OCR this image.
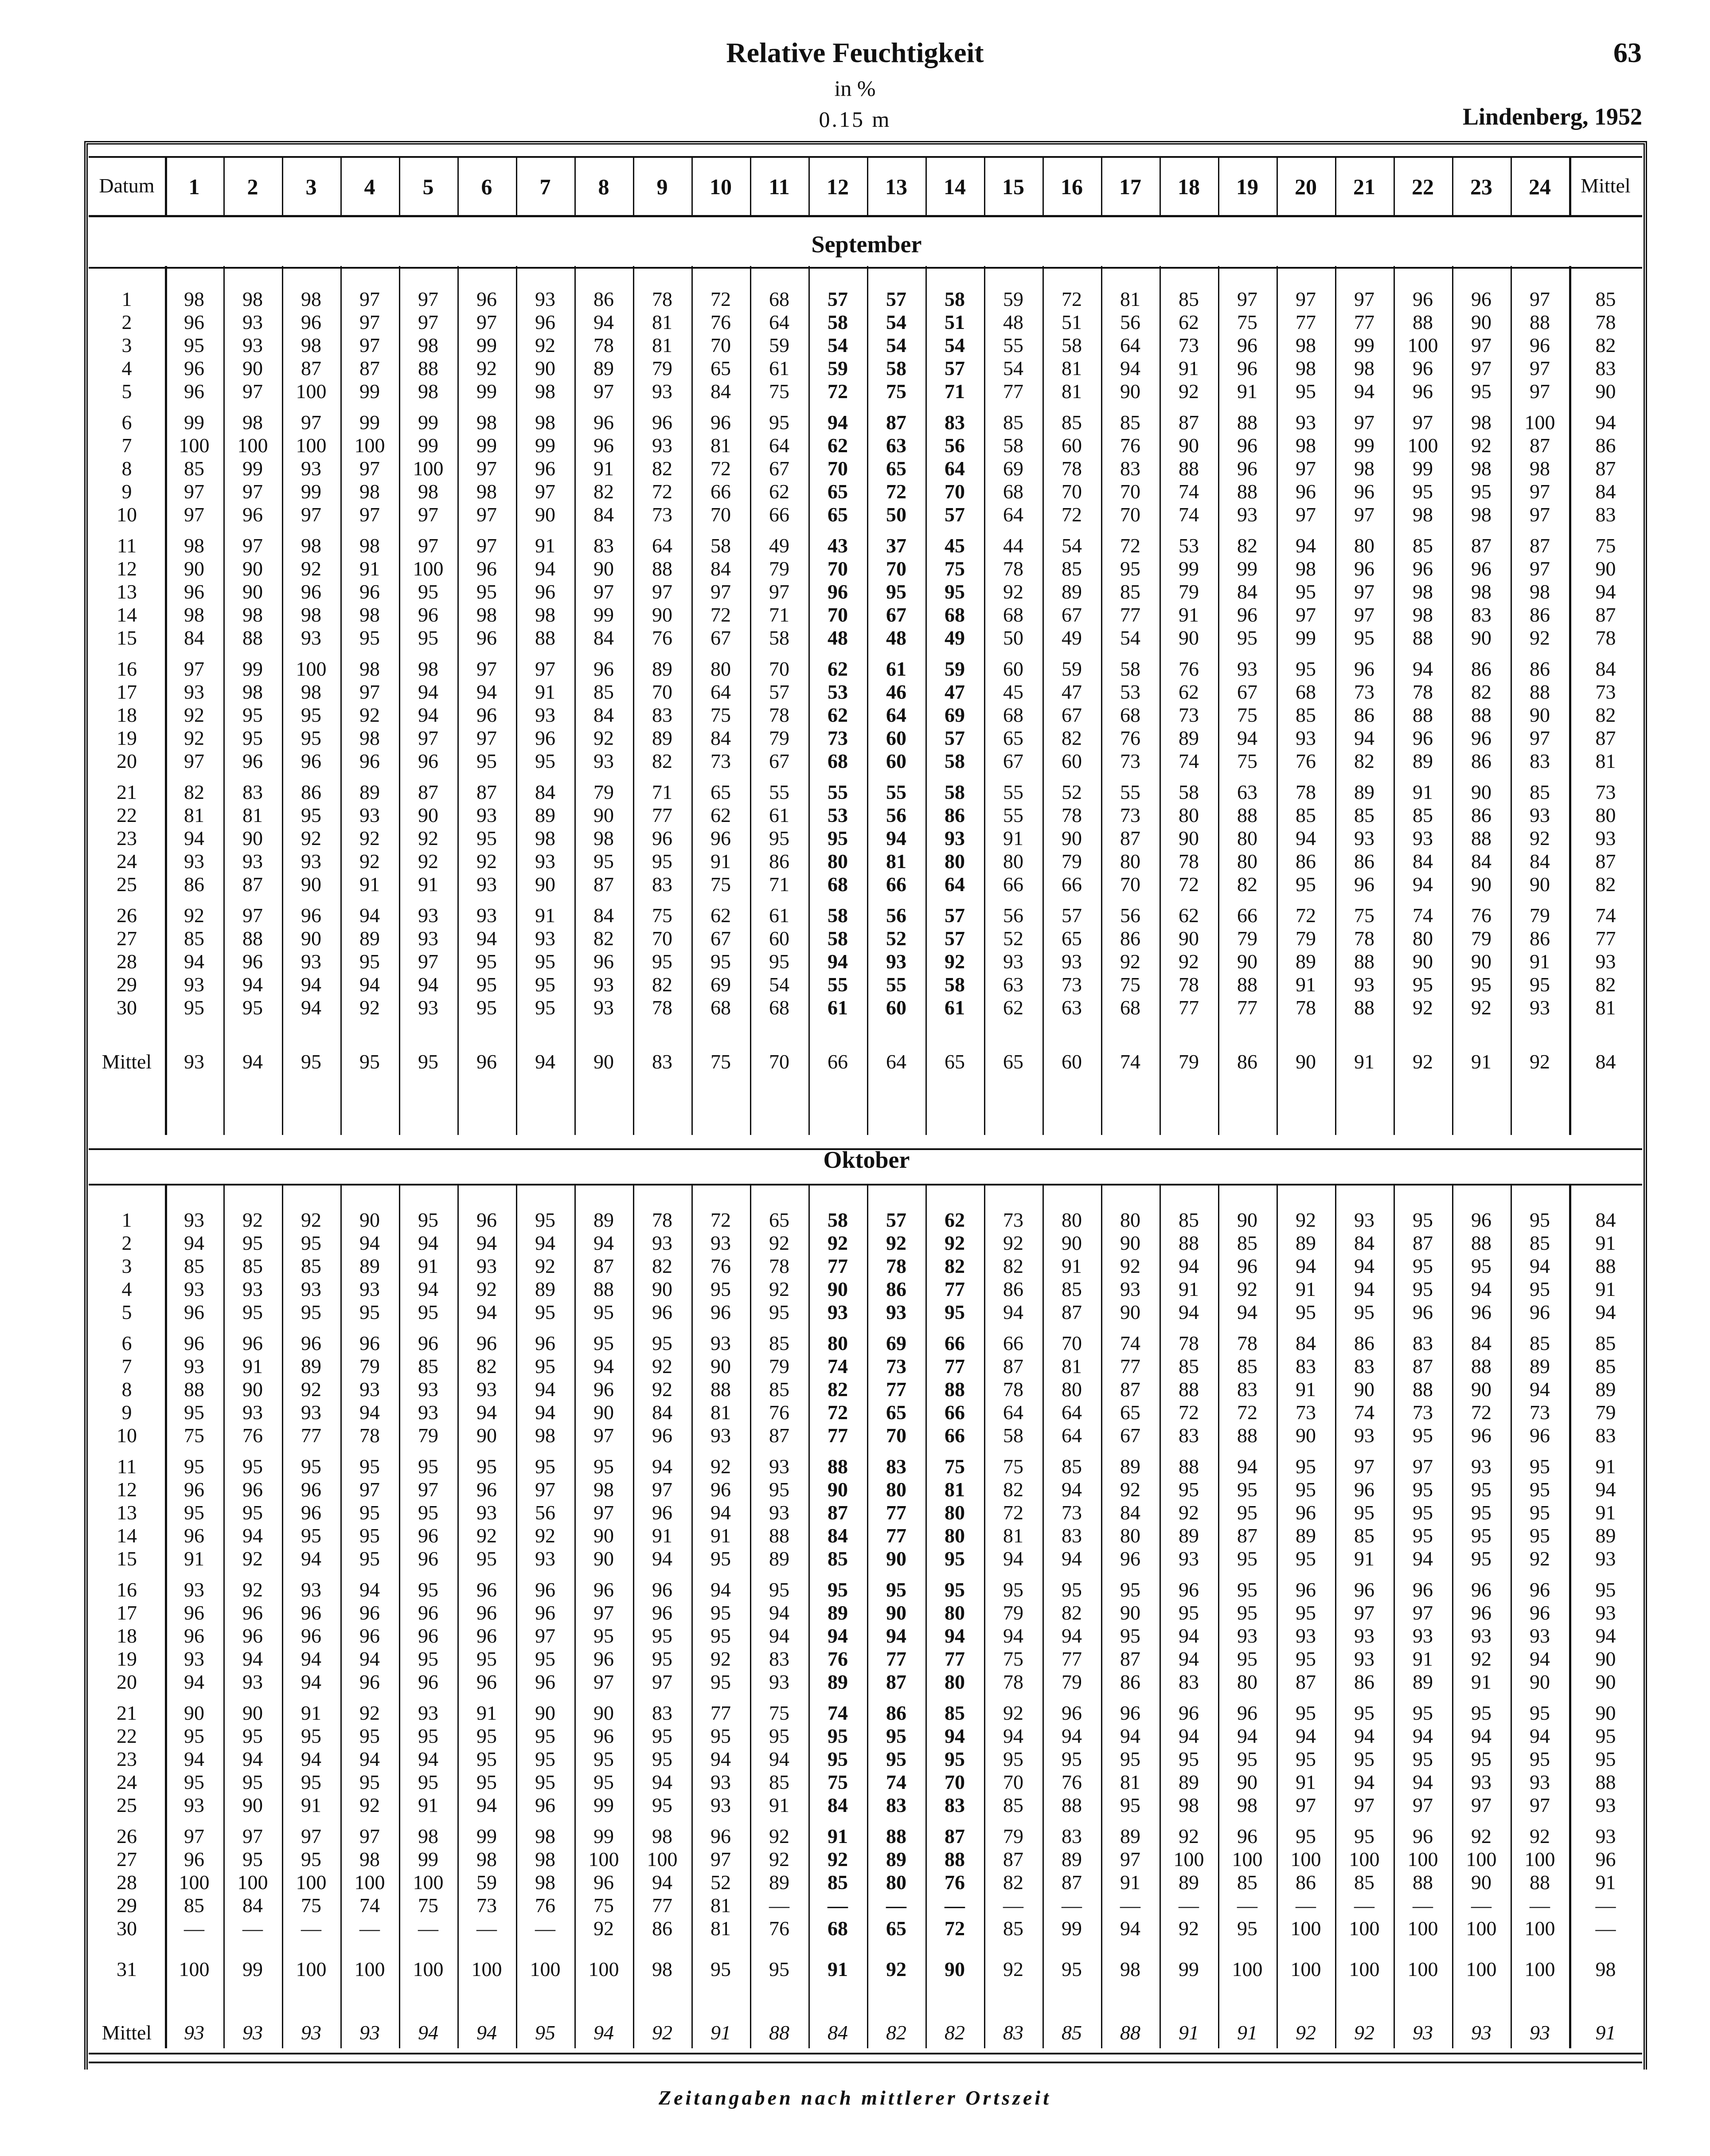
Relative Feuchtigkeit	63
in %
0.15 m	Lindenberg, 1952
Datum	1	2	3	4	5	6	7	8	9	10	11	12	13	14	15	16	17	18	19	20	21	22	23	24	Mittel
September
1	98	98	98	97	97	96	93	86	78	72	68	57	57	58	59	72	81	85	97	97	97	96	96	97	85
2	96	93	96	97	97	97	96	94	81	76	64	58	54	51	48	51	56	62	75	77	77	88	90	88	78
3	95	93	98	97	98	99	92	78	81	70	59	54	54	54	55	58	64	73	96	98	99	100	97	96	82
4	96	90	87	87	88	92	90	89	79	65	61	59	58	57	54	81	94	91	96	98	98	96	97	97	83
5	96	97	100	99	98	99	98	97	93	84	75	72	75	71	77	81	90	92	91	95	94	96	95	97	90
6	99	98	97	99	99	98	98	96	96	96	95	94	87	83	85	85	85	87	88	93	97	97	98	100	94
7	100	100	100	100	99	99	99	96	93	81	64	62	63	56	58	60	76	90	96	98	99	100	92	87	86
8	85	99	93	97	100	97	96	91	82	72	67	70	65	64	69	78	83	88	96	97	98	99	98	98	87
9	97	97	99	98	98	98	97	82	72	66	62	65	72	70	68	70	70	74	88	96	96	95	95	97	84
10	97	96	97	97	97	97	90	84	73	70	66	65	50	57	64	72	70	74	93	97	97	98	98	97	83
11	98	97	98	98	97	97	91	83	64	58	49	43	37	45	44	54	72	53	82	94	80	85	87	87	75
12	90	90	92	91	100	96	94	90	88	84	79	70	70	75	78	85	95	99	99	98	96	96	96	97	90
13	96	90	96	96	95	95	96	97	97	97	97	96	95	95	92	89	85	79	84	95	97	98	98	98	94
14	98	98	98	98	96	98	98	99	90	72	71	70	67	68	68	67	77	91	96	97	97	98	83	86	87
15	84	88	93	95	95	96	88	84	76	67	58	48	48	49	50	49	54	90	95	99	95	88	90	92	78
16	97	99	100	98	98	97	97	96	89	80	70	62	61	59	60	59	58	76	93	95	96	94	86	86	84
17	93	98	98	97	94	94	91	85	70	64	57	53	46	47	45	47	53	62	67	68	73	78	82	88	73
18	92	95	95	92	94	96	93	84	83	75	78	62	64	69	68	67	68	73	75	85	86	88	88	90	82
19	92	95	95	98	97	97	96	92	89	84	79	73	60	57	65	82	76	89	94	93	94	96	96	97	87
20	97	96	96	96	96	95	95	93	82	73	67	68	60	58	67	60	73	74	75	76	82	89	86	83	81
21	82	83	86	89	87	87	84	79	71	65	55	55	55	58	55	52	55	58	63	78	89	91	90	85	73
22	81	81	95	93	90	93	89	90	77	62	61	53	56	86	55	78	73	80	88	85	85	85	86	93	80
23	94	90	92	92	92	95	98	98	96	96	95	95	94	93	91	90	87	90	80	94	93	93	88	92	93
24	93	93	93	92	92	92	93	95	95	91	86	80	81	80	80	79	80	78	80	86	86	84	84	84	87
25	86	87	90	91	91	93	90	87	83	75	71	68	66	64	66	66	70	72	82	95	96	94	90	90	82
26	92	97	96	94	93	93	91	84	75	62	61	58	56	57	56	57	56	62	66	72	75	74	76	79	74
27	85	88	90	89	93	94	93	82	70	67	60	58	52	57	52	65	86	90	79	79	78	80	79	86	77
28	94	96	93	95	97	95	95	96	95	95	95	94	93	92	93	93	92	92	90	89	88	90	90	91	93
29	93	94	94	94	94	95	95	93	82	69	54	55	55	58	63	73	75	78	88	91	93	95	95	95	82
30	95	95	94	92	93	95	95	93	78	68	68	61	60	61	62	63	68	77	77	78	88	92	92	93	81
Mittel	93	94	95	95	95	96	94	90	83	75	70	66	64	65	65	60	74	79	86	90	91	92	91	92	84
Oktober
1	93	92	92	90	95	96	95	89	78	72	65	58	57	62	73	80	80	85	90	92	93	95	96	95	84
2	94	95	95	94	94	94	94	94	93	93	92	92	92	92	92	90	90	88	85	89	84	87	88	85	91
3	85	85	85	89	91	93	92	87	82	76	78	77	78	82	82	91	92	94	96	94	94	95	95	94	88
4	93	93	93	93	94	92	89	88	90	95	92	90	86	77	86	85	93	91	92	91	94	95	94	95	91
5	96	95	95	95	95	94	95	95	96	96	95	93	93	95	94	87	90	94	94	95	95	96	96	96	94
6	96	96	96	96	96	96	96	95	95	93	85	80	69	66	66	70	74	78	78	84	86	83	84	85	85
7	93	91	89	79	85	82	95	94	92	90	79	74	73	77	87	81	77	85	85	83	83	87	88	89	85
8	88	90	92	93	93	93	94	96	92	88	85	82	77	88	78	80	87	88	83	91	90	88	90	94	89
9	95	93	93	94	93	94	94	90	84	81	76	72	65	66	64	64	65	72	72	73	74	73	72	73	79
10	75	76	77	78	79	90	98	97	96	93	87	77	70	66	58	64	67	83	88	90	93	95	96	96	83
11	95	95	95	95	95	95	95	95	94	92	93	88	83	75	75	85	89	88	94	95	97	97	93	95	91
12	96	96	96	97	97	96	97	98	97	96	95	90	80	81	82	94	92	95	95	95	96	95	95	95	94
13	95	95	96	95	95	93	56	97	96	94	93	87	77	80	72	73	84	92	95	96	95	95	95	95	91
14	96	94	95	95	96	92	92	90	91	91	88	84	77	80	81	83	80	89	87	89	85	95	95	95	89
15	91	92	94	95	96	95	93	90	94	95	89	85	90	95	94	94	96	93	95	95	91	94	95	92	93
16	93	92	93	94	95	96	96	96	96	94	95	95	95	95	95	95	95	96	95	96	96	96	96	96	95
17	96	96	96	96	96	96	96	97	96	95	94	89	90	80	79	82	90	95	95	95	97	97	96	96	93
18	96	96	96	96	96	96	97	95	95	95	94	94	94	94	94	94	95	94	93	93	93	93	93	93	94
19	93	94	94	94	95	95	95	96	95	92	83	76	77	77	75	77	87	94	95	95	93	91	92	94	90
20	94	93	94	96	96	96	96	97	97	95	93	89	87	80	78	79	86	83	80	87	86	89	91	90	90
21	90	90	91	92	93	91	90	90	83	77	75	74	86	85	92	96	96	96	96	95	95	95	95	95	90
22	95	95	95	95	95	95	95	96	95	95	95	95	95	94	94	94	94	94	94	94	94	94	94	94	95
23	94	94	94	94	94	95	95	95	95	94	94	95	95	95	95	95	95	95	95	95	95	95	95	95	95
24	95	95	95	95	95	95	95	95	94	93	85	75	74	70	70	76	81	89	90	91	94	94	93	93	88
25	93	90	91	92	91	94	96	99	95	93	91	84	83	83	85	88	95	98	98	97	97	97	97	97	93
26	97	97	97	97	98	99	98	99	98	96	92	91	88	87	79	83	89	92	96	95	95	96	92	92	93
27	96	95	95	98	99	98	98	100	100	97	92	92	89	88	87	89	97	100	100	100	100	100	100	100	96
28	100	100	100	100	100	59	98	96	94	52	89	85	80	76	82	87	91	89	85	86	85	88	90	88	91
29	85	84	75	74	75	73	76	75	77	81	—	—	—	—	—	—	—	—	—	—	—	—	—	—	—
30	—	—	—	—	—	—	—	92	86	81	76	68	65	72	85	99	94	92	95	100	100	100	100	100	—
31	100	99	100	100	100	100	100	100	98	95	95	91	92	90	92	95	98	99	100	100	100	100	100	100	98
Mittel	93	93	93	93	94	94	95	94	92	91	88	84	82	82	83	85	88	91	91	92	92	93	93	93	91
Zeitangaben nach mittlerer Ortszeit
